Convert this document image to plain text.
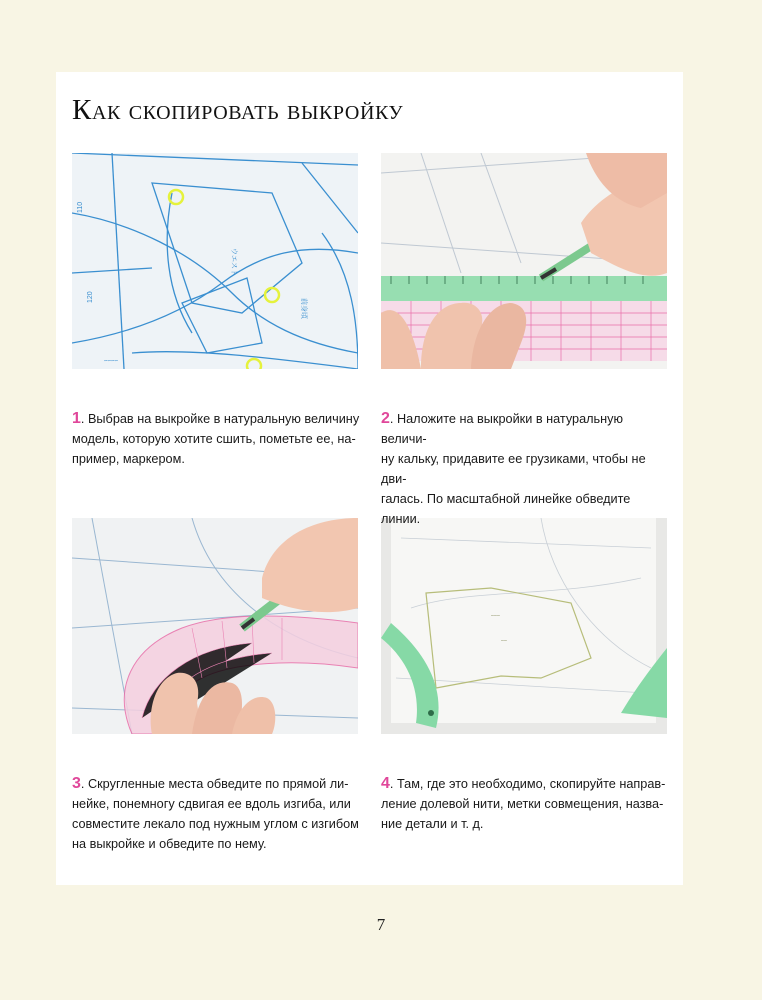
Как скопировать выкройку
110
120
ウエスト
前身頃
ｰｰｰｰ
ｰｰｰ
ｰｰ

1. Выбрав на выкройке в натуральную величину
модель, которую хотите сшить, пометьте ее, на-
пример, маркером.

2. Наложите на выкройки в натуральную величи-
ну кальку, придавите ее грузиками, чтобы не дви-
галась. По масштабной линейке обведите линии.

3. Скругленные места обведите по прямой ли-
нейке, понемногу сдвигая ее вдоль изгиба, или
совместите лекало под нужным углом с изгибом
на выкройке и обведите по нему.

4. Там, где это необходимо, скопируйте направ-
ление долевой нити, метки совмещения, назва-
ние детали и т. д.

7
